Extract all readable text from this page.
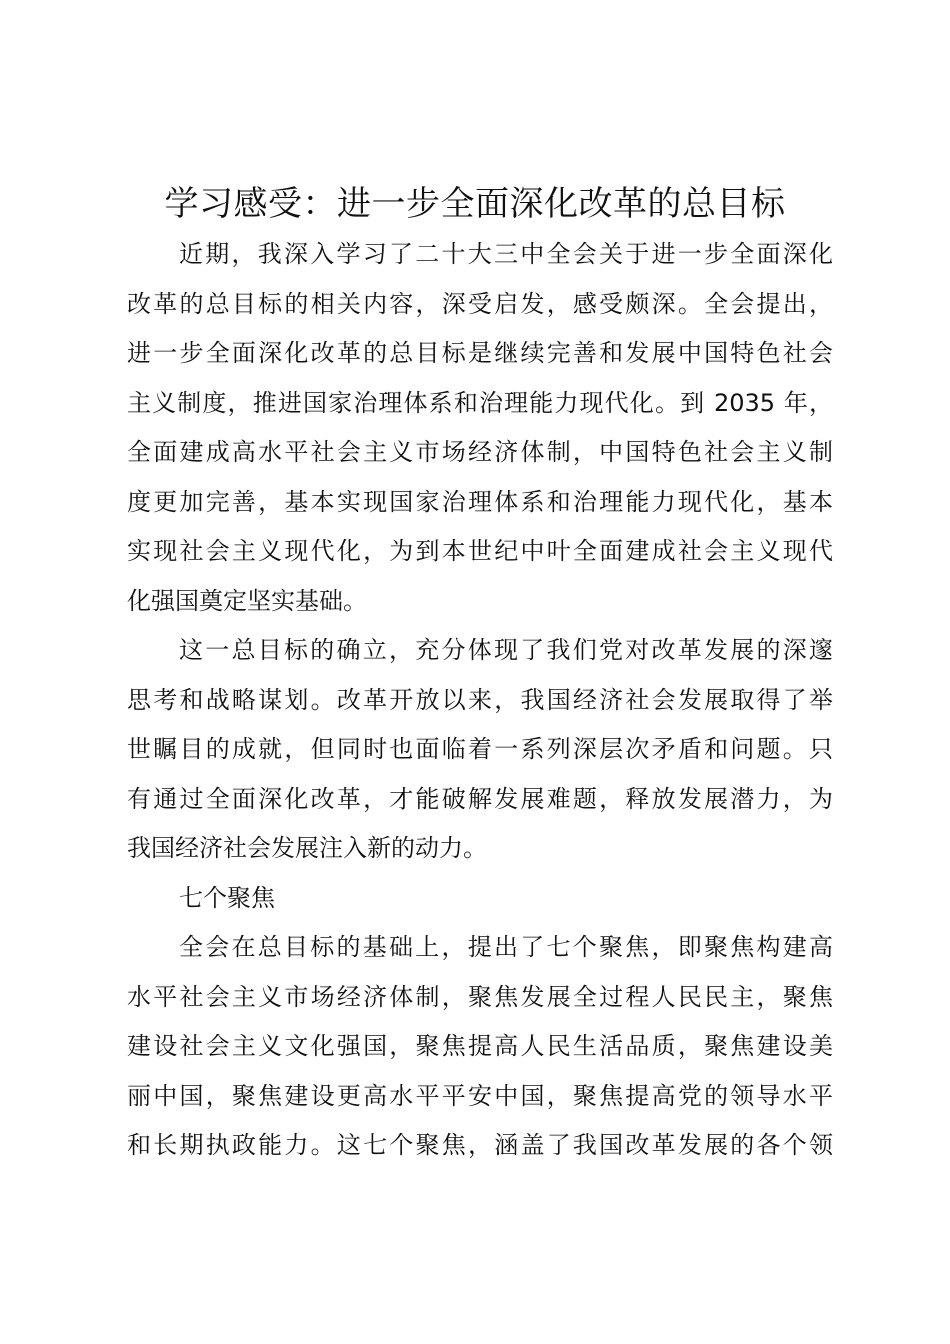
学习感受：进一步全面深化改革的总目标
近期，我深入学习了二十大三中全会关于进一步全面深化
改革的总目标的相关内容，深受启发，感受颇深。全会提出，
进一步全面深化改革的总目标是继续完善和发展中国特色社会
主义制度，推进国家治理体系和治理能力现代化。到 2035 年，
全面建成高水平社会主义市场经济体制，中国特色社会主义制
度更加完善，基本实现国家治理体系和治理能力现代化，基本
实现社会主义现代化，为到本世纪中叶全面建成社会主义现代
化强国奠定坚实基础。
这一总目标的确立，充分体现了我们党对改革发展的深邃
思考和战略谋划。改革开放以来，我国经济社会发展取得了举
世瞩目的成就，但同时也面临着一系列深层次矛盾和问题。只
有通过全面深化改革，才能破解发展难题，释放发展潜力，为
我国经济社会发展注入新的动力。
七个聚焦
全会在总目标的基础上，提出了七个聚焦，即聚焦构建高
水平社会主义市场经济体制，聚焦发展全过程人民民主，聚焦
建设社会主义文化强国，聚焦提高人民生活品质，聚焦建设美
丽中国，聚焦建设更高水平平安中国，聚焦提高党的领导水平
和长期执政能力。这七个聚焦，涵盖了我国改革发展的各个领
